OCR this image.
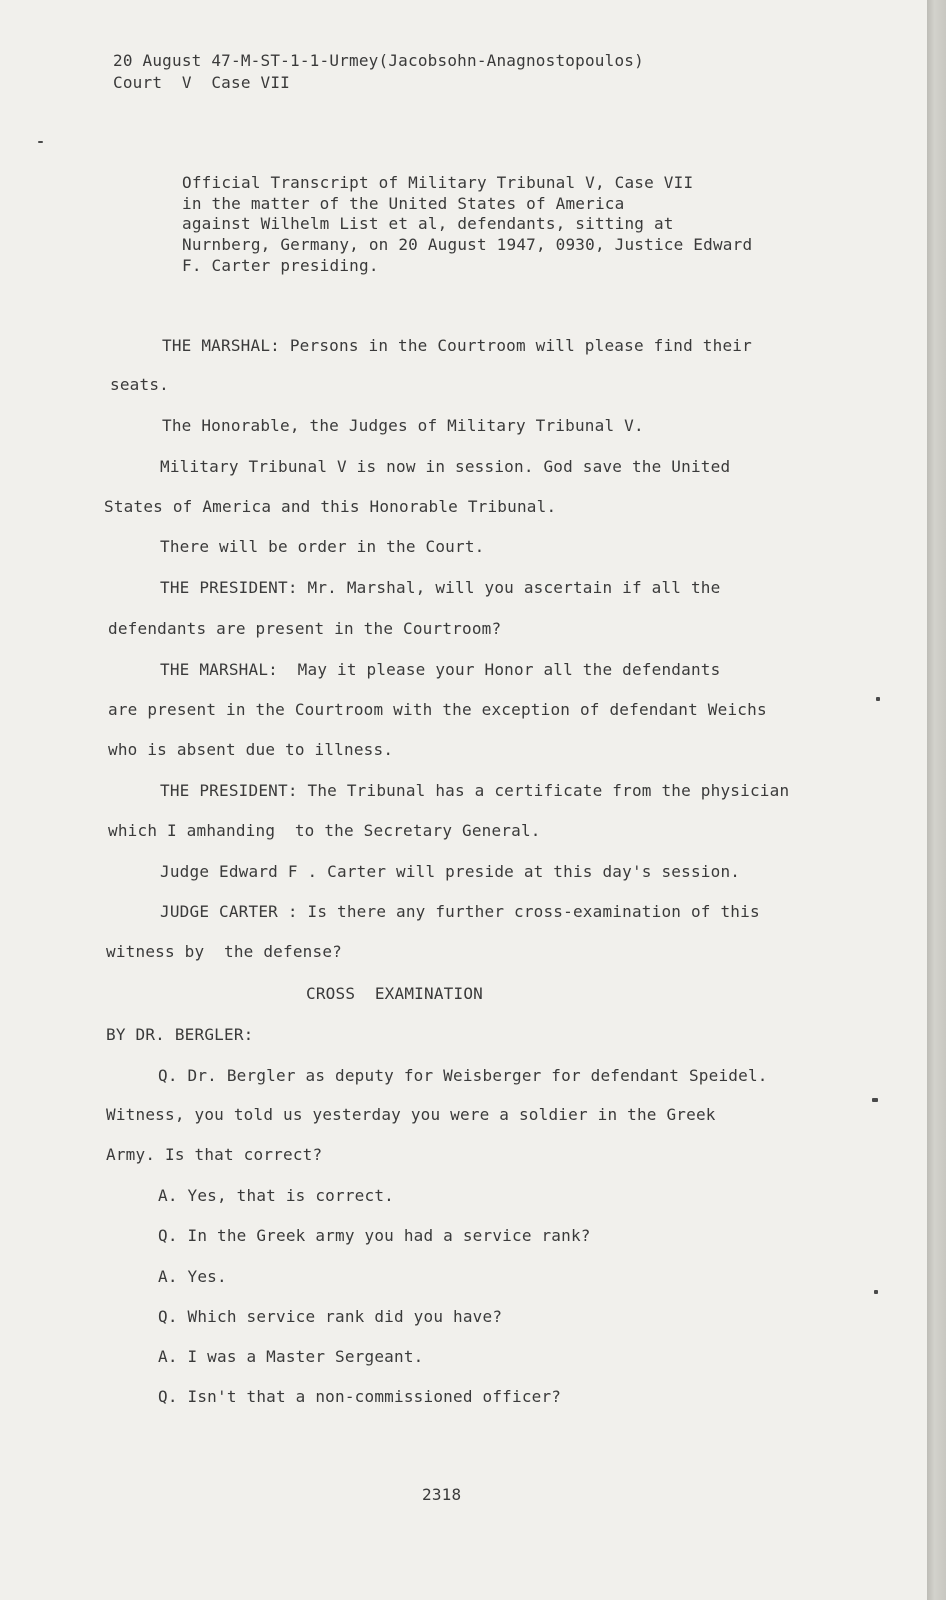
20 August 47-M-ST-1-1-Urmey(Jacobsohn-Anagnostopoulos)
Court  V  Case VII
Official Transcript of Military Tribunal V, Case VII
in the matter of the United States of America
against Wilhelm List et al, defendants, sitting at
Nurnberg, Germany, on 20 August 1947, 0930, Justice Edward
F. Carter presiding.
THE MARSHAL: Persons in the Courtroom will please find their
seats.
The Honorable, the Judges of Military Tribunal V.
Military Tribunal V is now in session. God save the United
States of America and this Honorable Tribunal.
There will be order in the Court.
THE PRESIDENT: Mr. Marshal, will you ascertain if all the
defendants are present in the Courtroom?
THE MARSHAL:  May it please your Honor all the defendants
are present in the Courtroom with the exception of defendant Weichs
who is absent due to illness.
THE PRESIDENT: The Tribunal has a certificate from the physician
which I amhanding  to the Secretary General.
Judge Edward F . Carter will preside at this day's session.
JUDGE CARTER : Is there any further cross-examination of this
witness by  the defense?
CROSS  EXAMINATION
BY DR. BERGLER:
Q. Dr. Bergler as deputy for Weisberger for defendant Speidel.
Witness, you told us yesterday you were a soldier in the Greek
Army. Is that correct?
A. Yes, that is correct.
Q. In the Greek army you had a service rank?
A. Yes.
Q. Which service rank did you have?
A. I was a Master Sergeant.
Q. Isn't that a non-commissioned officer?
2318
